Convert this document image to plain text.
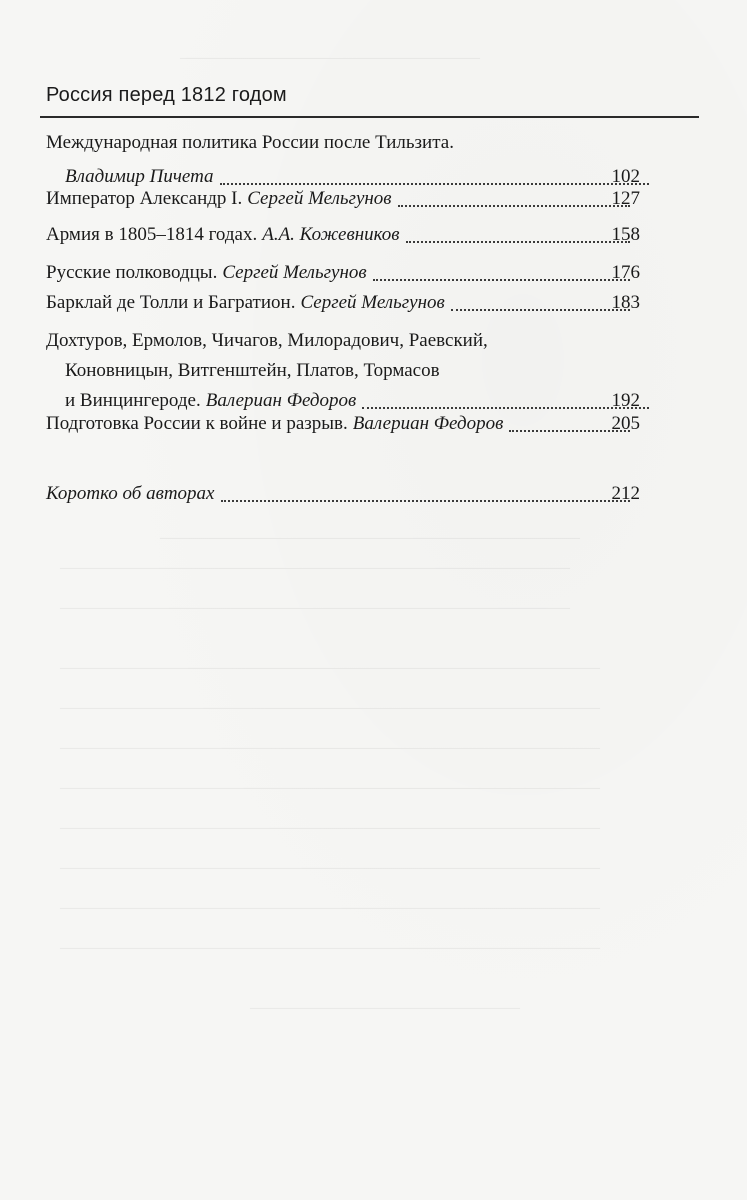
————————————————————
————————————————————————————
——————————————————————————————————
——————————————————————————————————
————————————————————————————————————
————————————————————————————————————
————————————————————————————————————
————————————————————————————————————
————————————————————————————————————
————————————————————————————————————
————————————————————————————————————
————————————————————————————————————
——————————————————
Россия перед 1812 годом
Международная политика России после Тильзита.
Владимир Пичета	102
Император Александр I. Сергей Мельгунов	127
Армия в 1805–1814 годах. А.А. Кожевников	158
Русские полководцы. Сергей Мельгунов	176
Барклай де Толли и Багратион. Сергей Мельгунов	183
Дохтуров, Ермолов, Чичагов, Милорадович, Раевский,
Коновницын, Витгенштейн, Платов, Тормасов
и Винцингероде. Валериан Федоров	192
Подготовка России к войне и разрыв. Валериан Федоров	205
Коротко об авторах	212
